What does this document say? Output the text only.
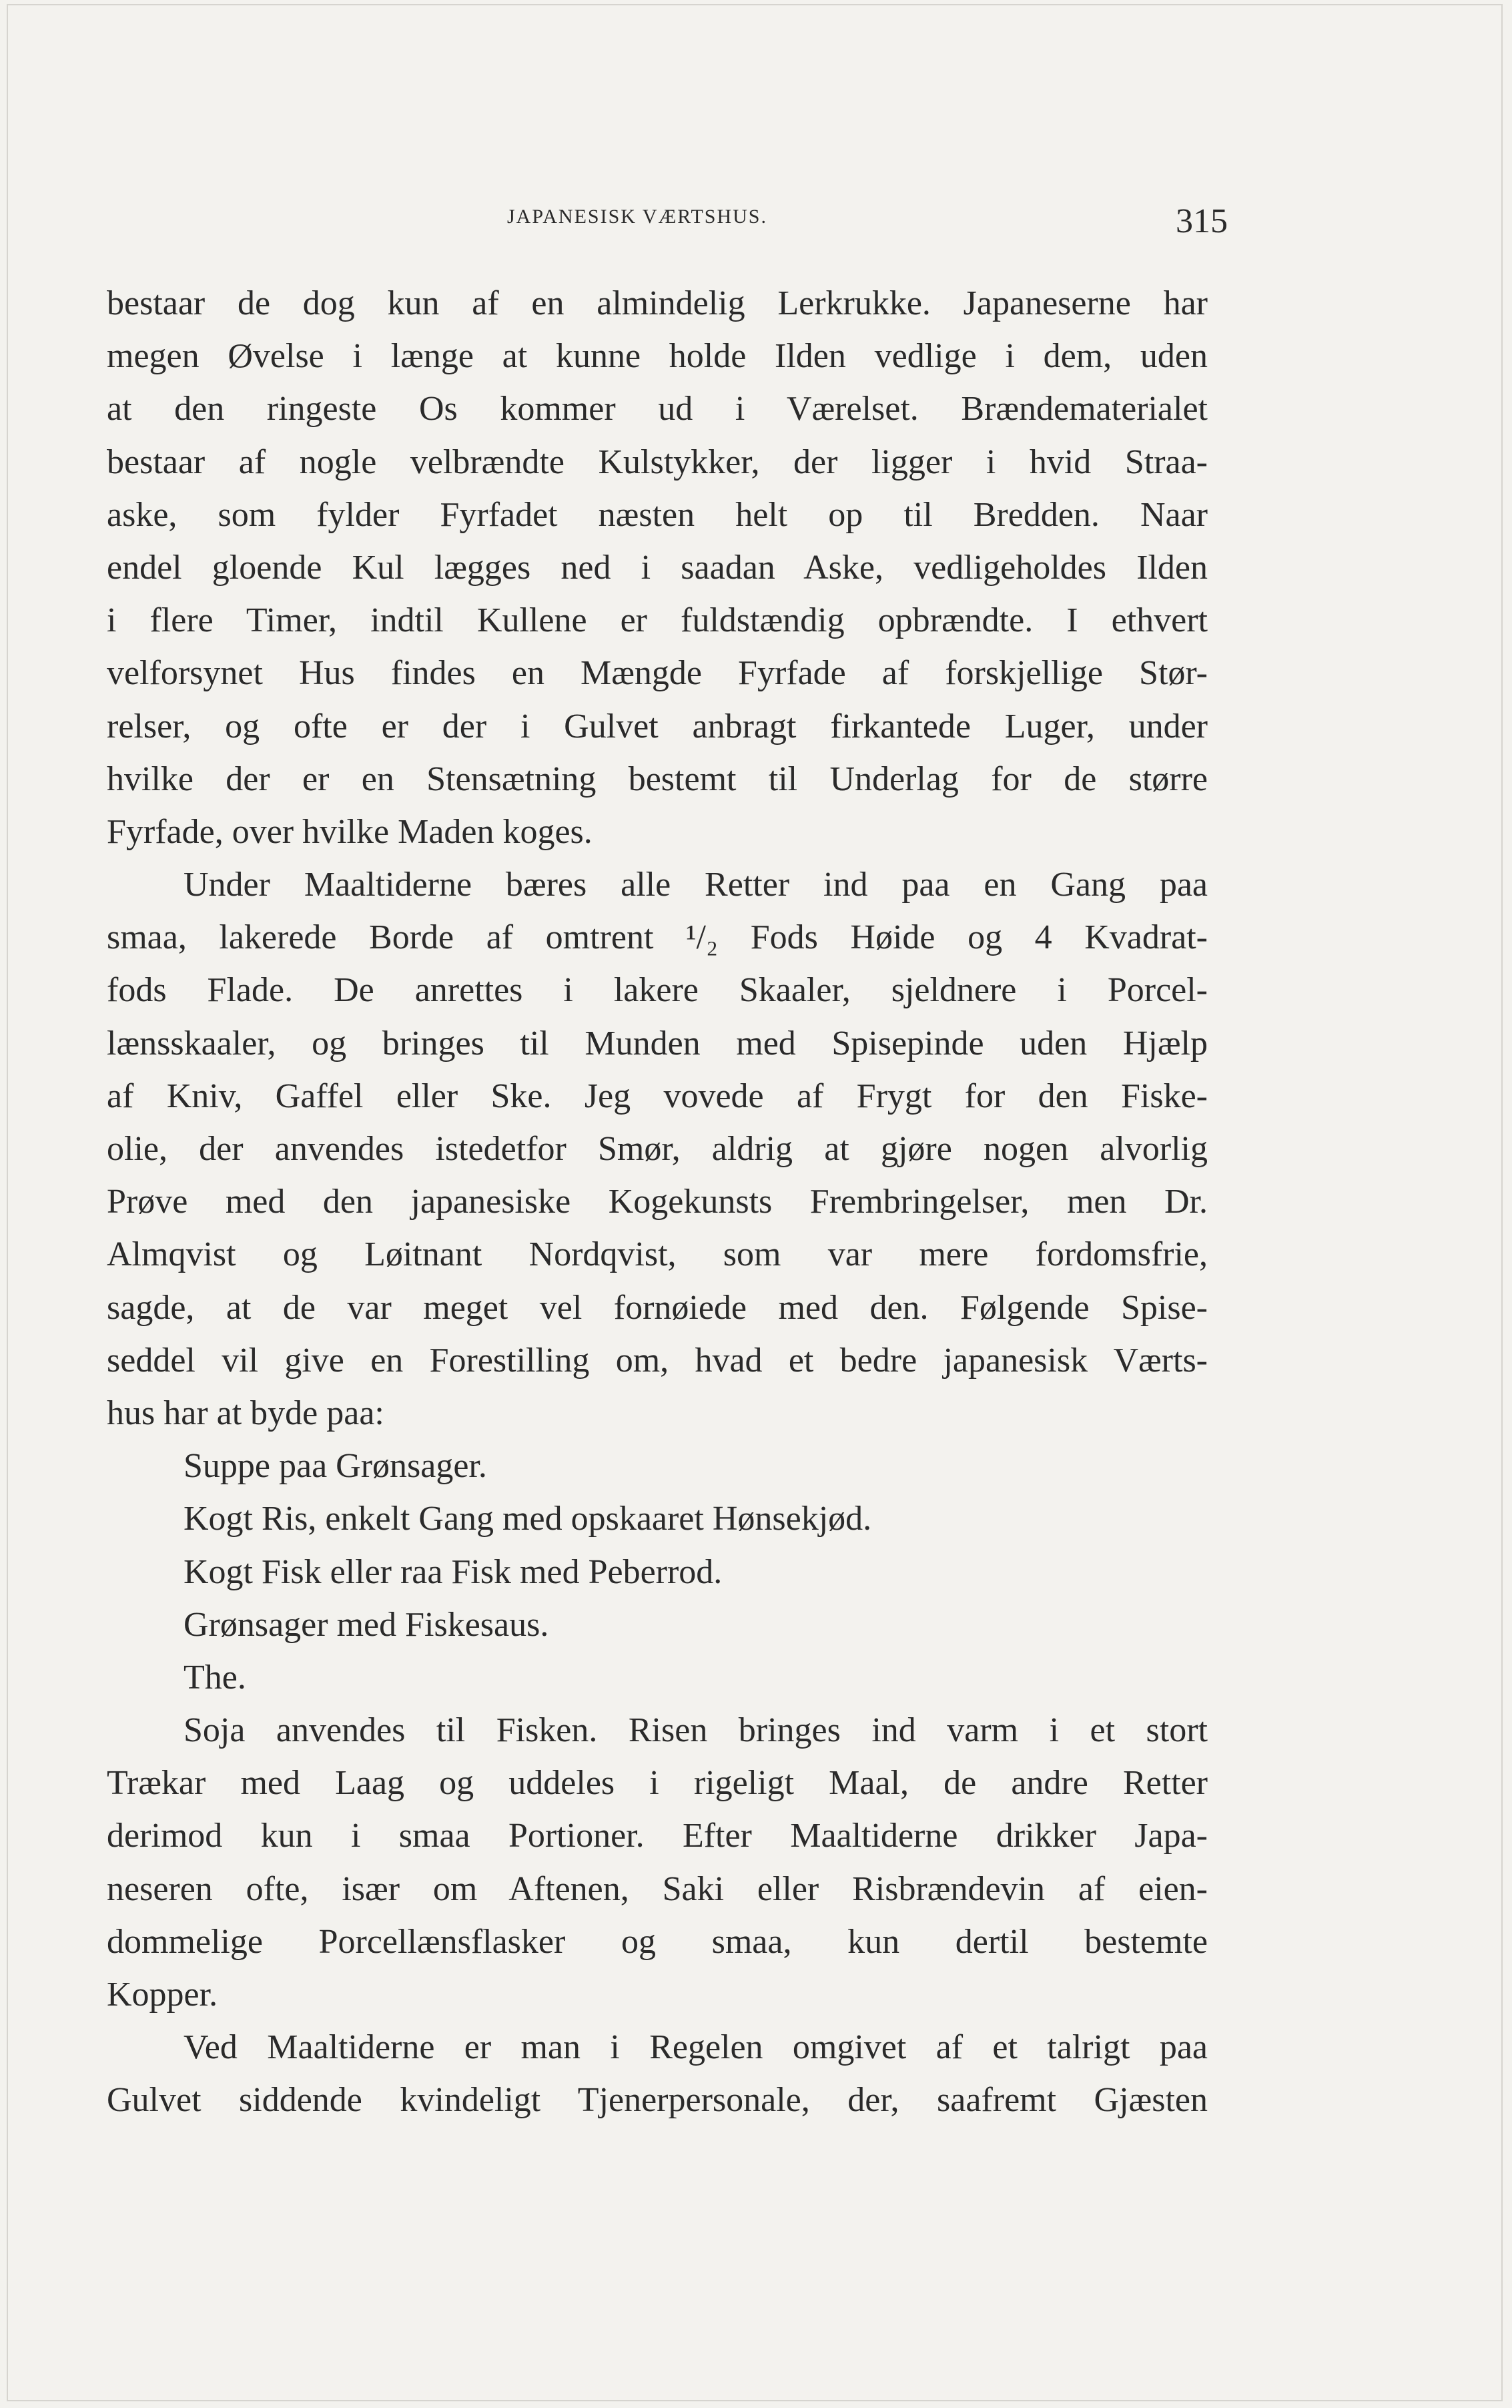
JAPANESISK VÆRTSHUS.	315
bestaar de dog kun af en almindelig Lerkrukke. Japaneserne har
megen Øvelse i længe at kunne holde Ilden vedlige i dem, uden
at den ringeste Os kommer ud i Værelset. Brændematerialet
bestaar af nogle velbrændte Kulstykker, der ligger i hvid Straa-
aske, som fylder Fyrfadet næsten helt op til Bredden. Naar
endel gloende Kul lægges ned i saadan Aske, vedligeholdes Ilden
i flere Timer, indtil Kullene er fuldstændig opbrændte. I ethvert
velforsynet Hus findes en Mængde Fyrfade af forskjellige Stør-
relser, og ofte er der i Gulvet anbragt firkantede Luger, under
hvilke der er en Stensætning bestemt til Underlag for de større
Fyrfade, over hvilke Maden koges.
Under Maaltiderne bæres alle Retter ind paa en Gang paa
smaa, lakerede Borde af omtrent ¹/₂ Fods Høide og 4 Kvadrat-
fods Flade. De anrettes i lakere Skaaler, sjeldnere i Porcel-
lænsskaaler, og bringes til Munden med Spisepinde uden Hjælp
af Kniv, Gaffel eller Ske. Jeg vovede af Frygt for den Fiske-
olie, der anvendes istedetfor Smør, aldrig at gjøre nogen alvorlig
Prøve med den japanesiske Kogekunsts Frembringelser, men Dr.
Almqvist og Løitnant Nordqvist, som var mere fordomsfrie,
sagde, at de var meget vel fornøiede med den. Følgende Spise-
seddel vil give en Forestilling om, hvad et bedre japanesisk Værts-
hus har at byde paa:
Suppe paa Grønsager.
Kogt Ris, enkelt Gang med opskaaret Hønsekjød.
Kogt Fisk eller raa Fisk med Peberrod.
Grønsager med Fiskesaus.
The.
Soja anvendes til Fisken. Risen bringes ind varm i et stort
Trækar med Laag og uddeles i rigeligt Maal, de andre Retter
derimod kun i smaa Portioner. Efter Maaltiderne drikker Japa-
neseren ofte, især om Aftenen, Saki eller Risbrændevin af eien-
dommelige Porcellænsflasker og smaa, kun dertil bestemte
Kopper.
Ved Maaltiderne er man i Regelen omgivet af et talrigt paa
Gulvet siddende kvindeligt Tjenerpersonale, der, saafremt Gjæsten
